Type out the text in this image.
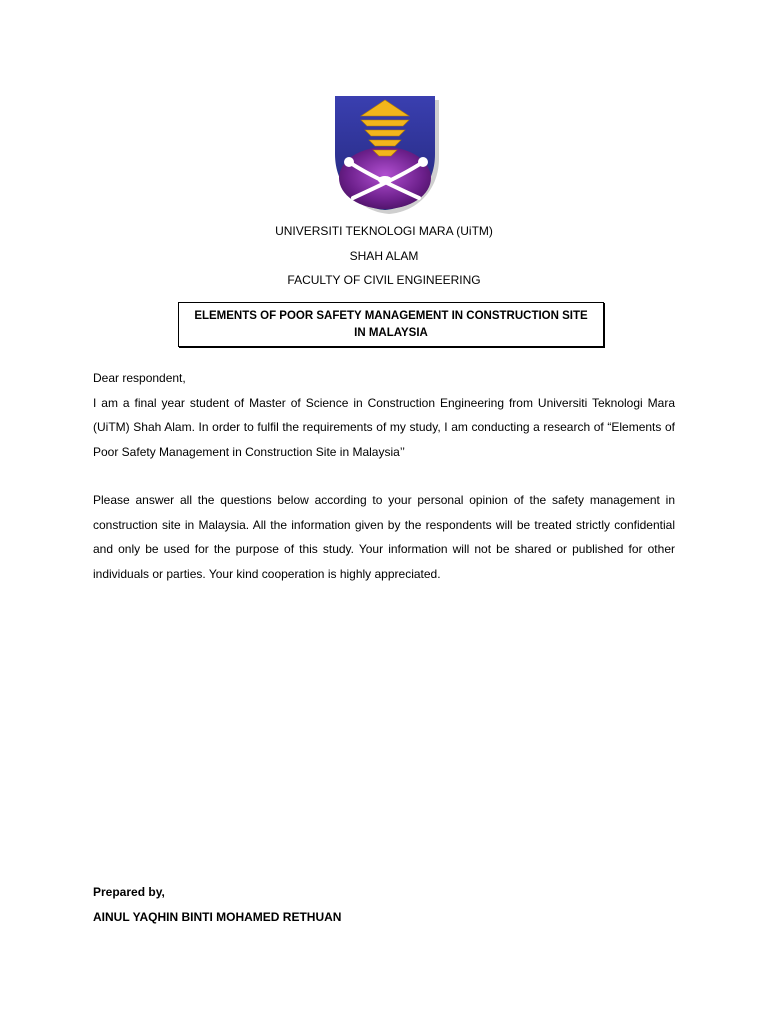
UNIVERSITI TEKNOLOGI MARA (UiTM)
SHAH ALAM
FACULTY OF CIVIL ENGINEERING
ELEMENTS OF POOR SAFETY MANAGEMENT IN CONSTRUCTION SITE
IN MALAYSIA

Dear respondent,

I am a final year student of Master of Science in Construction Engineering from Universiti Teknologi Mara (UiTM) Shah Alam. In order to fulfil the requirements of my study, I am conducting a research of “Elements of Poor Safety Management in Construction Site in Malaysia’’

Please answer all the questions below according to your personal opinion of the safety management in construction site in Malaysia. All the information given by the respondents will be treated strictly confidential and only be used for the purpose of this study. Your information will not be shared or published for other individuals or parties. Your kind cooperation is highly appreciated.

Prepared by,
AINUL YAQHIN BINTI MOHAMED RETHUAN
